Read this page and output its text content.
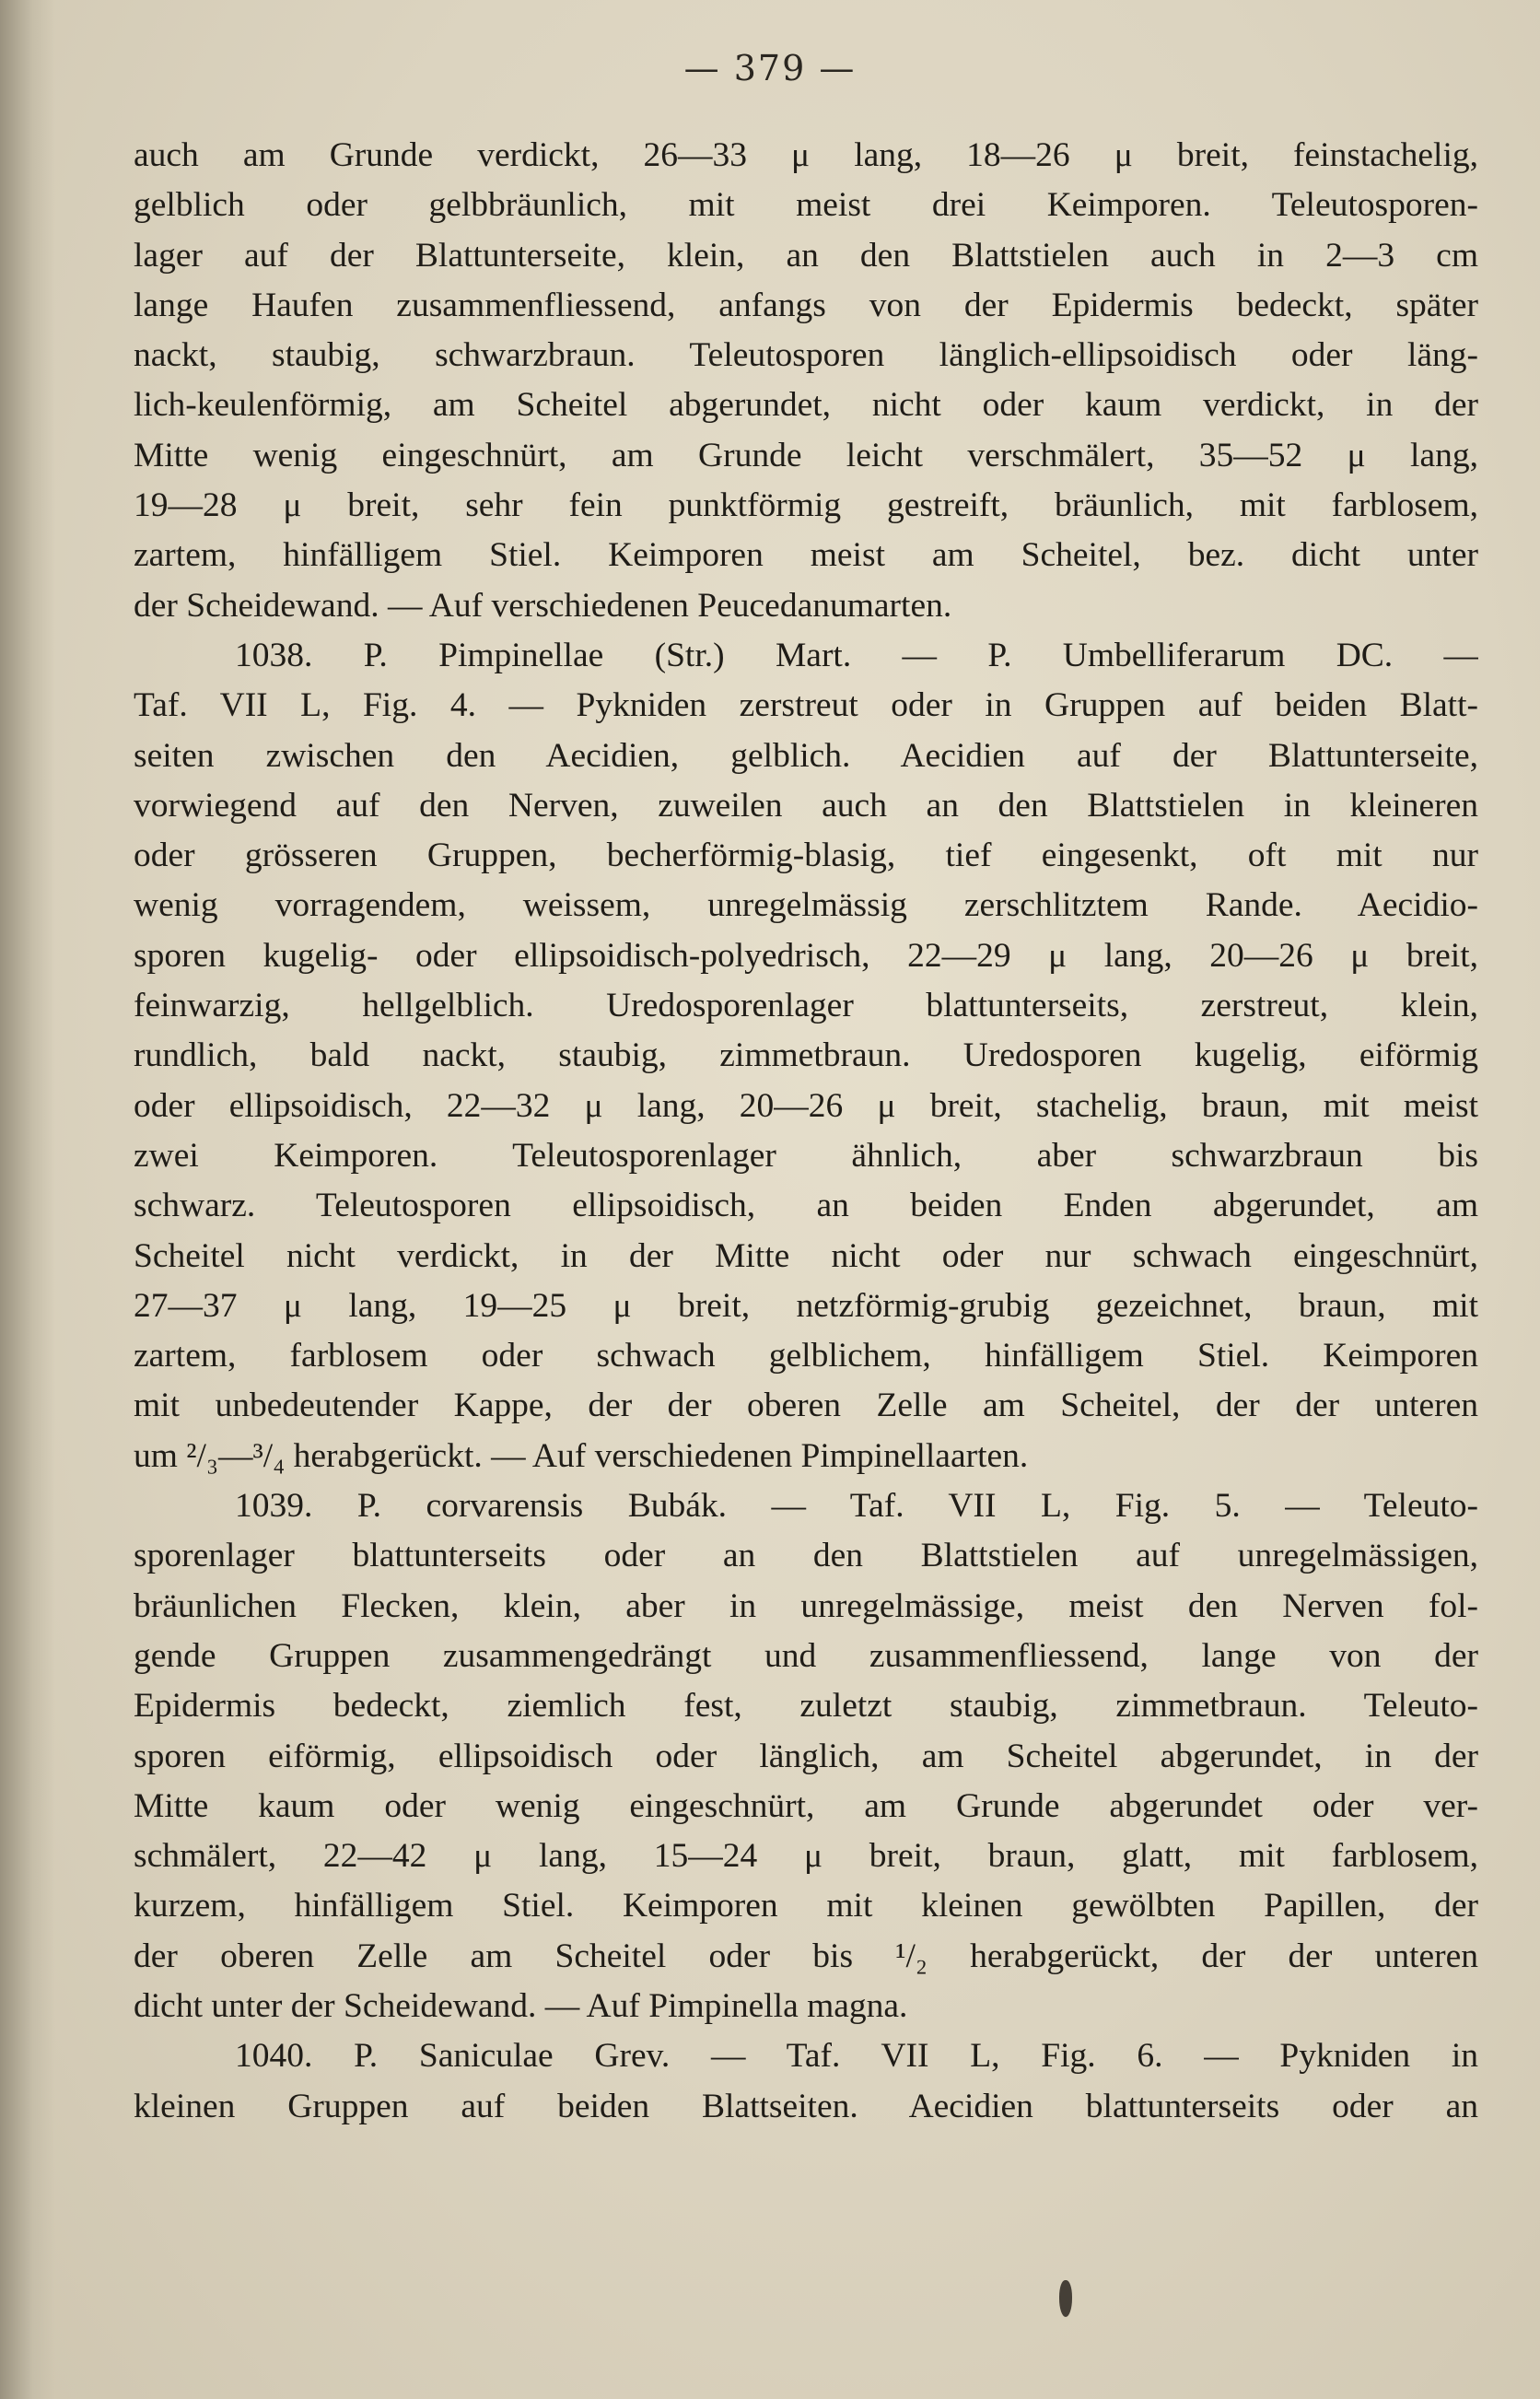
— 379 —
auch am Grunde verdickt, 26—33 μ lang, 18—26 μ breit, feinstachelig,
gelblich oder gelbbräunlich, mit meist drei Keimporen. Teleutosporen-
lager auf der Blattunterseite, klein, an den Blattstielen auch in 2—3 cm
lange Haufen zusammenfliessend, anfangs von der Epidermis bedeckt, später
nackt, staubig, schwarzbraun. Teleutosporen länglich-ellipsoidisch oder läng-
lich-keulenförmig, am Scheitel abgerundet, nicht oder kaum verdickt, in der
Mitte wenig eingeschnürt, am Grunde leicht verschmälert, 35—52 μ lang,
19—28 μ breit, sehr fein punktförmig gestreift, bräunlich, mit farblosem,
zartem, hinfälligem Stiel. Keimporen meist am Scheitel, bez. dicht unter
der Scheidewand. — Auf verschiedenen Peucedanumarten.
1038. P. Pimpinellae (Str.) Mart. — P. Umbelliferarum DC. —
Taf. VII L, Fig. 4. — Pykniden zerstreut oder in Gruppen auf beiden Blatt-
seiten zwischen den Aecidien, gelblich. Aecidien auf der Blattunterseite,
vorwiegend auf den Nerven, zuweilen auch an den Blattstielen in kleineren
oder grösseren Gruppen, becherförmig-blasig, tief eingesenkt, oft mit nur
wenig vorragendem, weissem, unregelmässig zerschlitztem Rande. Aecidio-
sporen kugelig- oder ellipsoidisch-polyedrisch, 22—29 μ lang, 20—26 μ breit,
feinwarzig, hellgelblich. Uredosporenlager blattunterseits, zerstreut, klein,
rundlich, bald nackt, staubig, zimmetbraun. Uredosporen kugelig, eiförmig
oder ellipsoidisch, 22—32 μ lang, 20—26 μ breit, stachelig, braun, mit meist
zwei Keimporen. Teleutosporenlager ähnlich, aber schwarzbraun bis
schwarz. Teleutosporen ellipsoidisch, an beiden Enden abgerundet, am
Scheitel nicht verdickt, in der Mitte nicht oder nur schwach eingeschnürt,
27—37 μ lang, 19—25 μ breit, netzförmig-grubig gezeichnet, braun, mit
zartem, farblosem oder schwach gelblichem, hinfälligem Stiel. Keimporen
mit unbedeutender Kappe, der der oberen Zelle am Scheitel, der der unteren
um ²/₃—³/₄ herabgerückt. — Auf verschiedenen Pimpinellaarten.
1039. P. corvarensis Bubák. — Taf. VII L, Fig. 5. — Teleuto-
sporenlager blattunterseits oder an den Blattstielen auf unregelmässigen,
bräunlichen Flecken, klein, aber in unregelmässige, meist den Nerven fol-
gende Gruppen zusammengedrängt und zusammenfliessend, lange von der
Epidermis bedeckt, ziemlich fest, zuletzt staubig, zimmetbraun. Teleuto-
sporen eiförmig, ellipsoidisch oder länglich, am Scheitel abgerundet, in der
Mitte kaum oder wenig eingeschnürt, am Grunde abgerundet oder ver-
schmälert, 22—42 μ lang, 15—24 μ breit, braun, glatt, mit farblosem,
kurzem, hinfälligem Stiel. Keimporen mit kleinen gewölbten Papillen, der
der oberen Zelle am Scheitel oder bis ¹/₂ herabgerückt, der der unteren
dicht unter der Scheidewand. — Auf Pimpinella magna.
1040. P. Saniculae Grev. — Taf. VII L, Fig. 6. — Pykniden in
kleinen Gruppen auf beiden Blattseiten. Aecidien blattunterseits oder an
